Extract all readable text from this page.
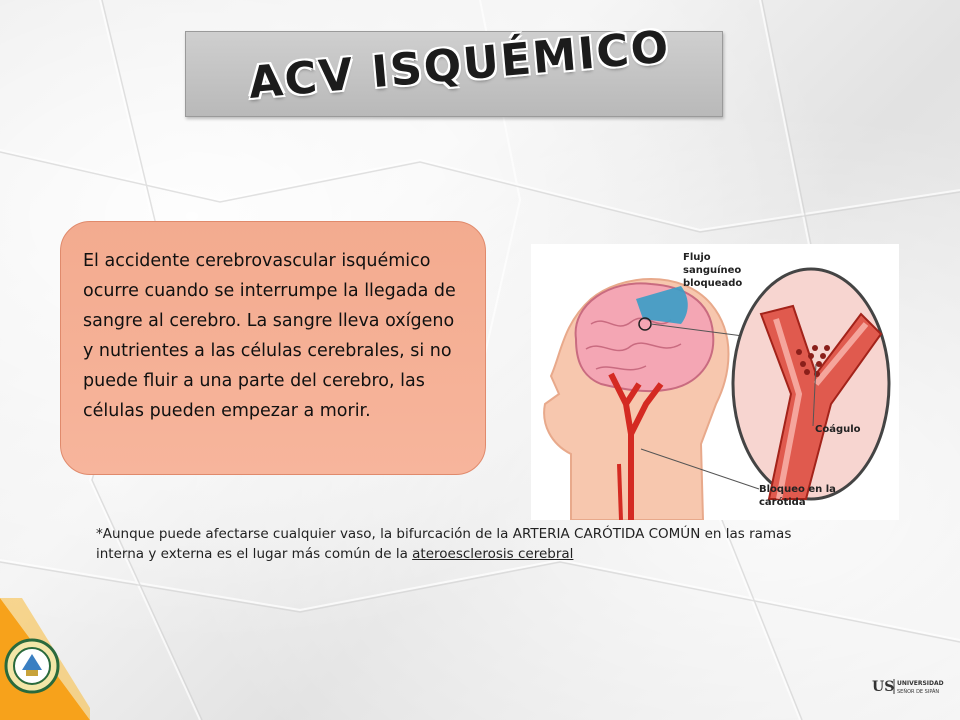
ACV ISQUÉMICO

El accidente cerebrovascular isquémico ocurre cuando se interrumpe la llegada de sangre al cerebro. La sangre lleva oxígeno y nutrientes a las células cerebrales, si no puede fluir a una parte del cerebro, las células pueden empezar a morir.

Flujo
sanguíneo
bloqueado
Coágulo
Bloqueo en la
carótida
*Aunque puede afectarse cualquier vaso, la bifurcación de la ARTERIA CARÓTIDA COMÚN en las ramas interna y externa es el lugar más común de la ateroesclerosis cerebral
US UNIVERSIDAD
SEÑOR DE SIPÁN
